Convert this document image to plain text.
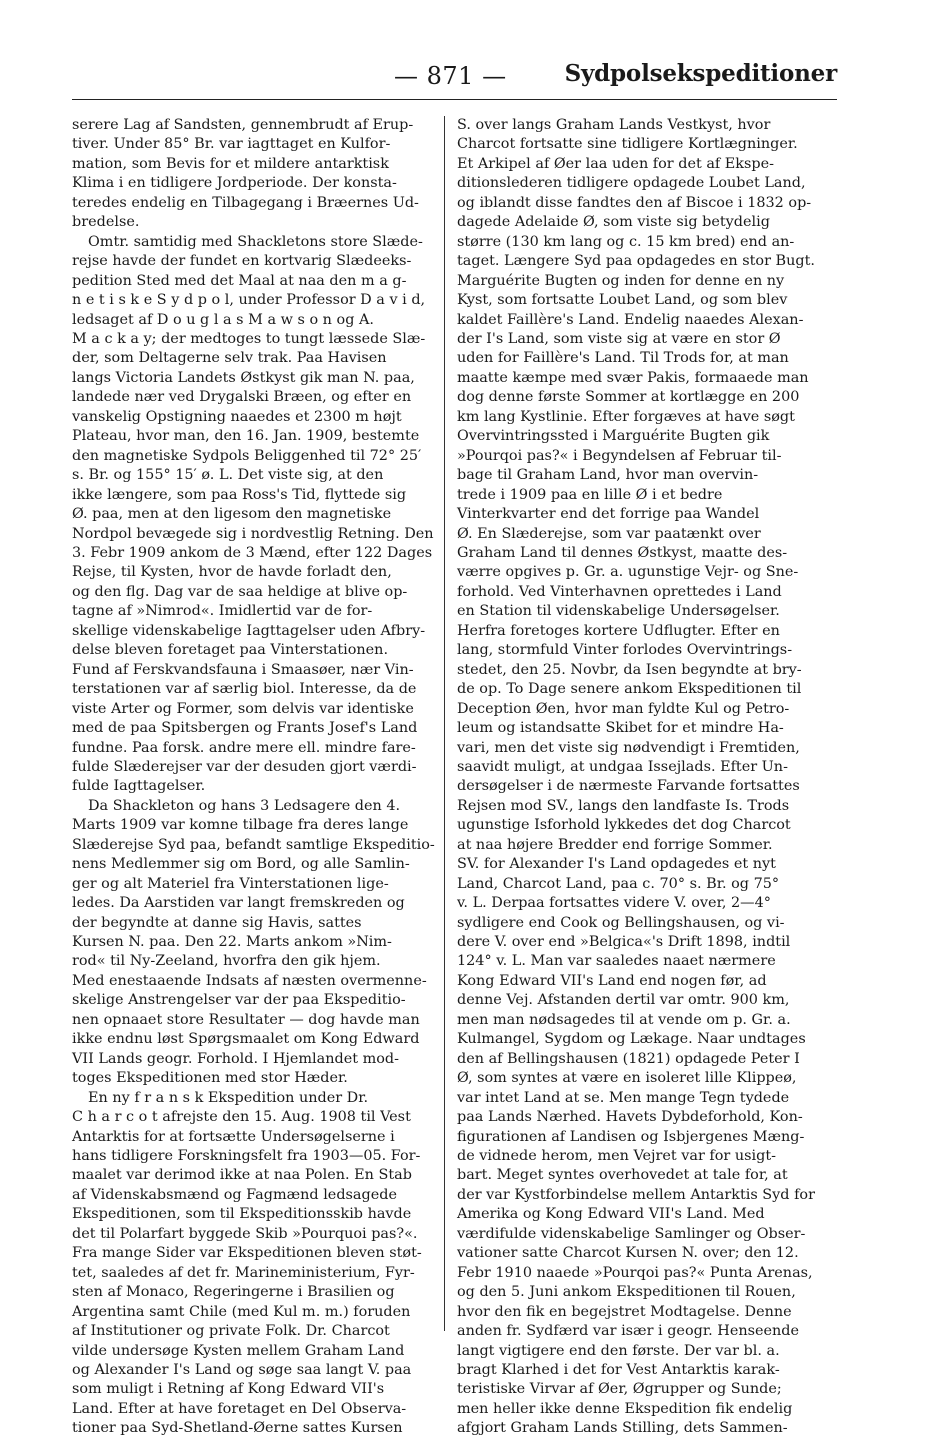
— 871 —	Sydpolsekspeditioner

serere Lag af Sandsten, gennembrudt af Erup-
tiver. Under 85° Br. var iagttaget en Kulfor-
mation, som Bevis for et mildere antarktisk
Klima i en tidligere Jordperiode. Der konsta-
teredes endelig en Tilbagegang i Bræernes Ud-
bredelse.

Omtr. samtidig med Shackletons store Slæde-
rejse havde der fundet en kortvarig Slædeeks-
pedition Sted med det Maal at naa den m a g-
n e t i s k e S y d p o l, under Professor D a v i d,
ledsaget af D o u g l a s M a w s o n og A.
M a c k a y; der medtoges to tungt læssede Slæ-
der, som Deltagerne selv trak. Paa Havisen
langs Victoria Landets Østkyst gik man N. paa,
landede nær ved Drygalski Bræen, og efter en
vanskelig Opstigning naaedes et 2300 m højt
Plateau, hvor man, den 16. Jan. 1909, bestemte
den magnetiske Sydpols Beliggenhed til 72° 25′
s. Br. og 155° 15′ ø. L. Det viste sig, at den
ikke længere, som paa Ross's Tid, flyttede sig
Ø. paa, men at den ligesom den magnetiske
Nordpol bevægede sig i nordvestlig Retning. Den
3. Febr 1909 ankom de 3 Mænd, efter 122 Dages
Rejse, til Kysten, hvor de havde forladt den,
og den flg. Dag var de saa heldige at blive op-
tagne af »Nimrod«. Imidlertid var de for-
skellige videnskabelige Iagttagelser uden Afbry-
delse bleven foretaget paa Vinterstationen.
Fund af Ferskvandsfauna i Smaasøer, nær Vin-
terstationen var af særlig biol. Interesse, da de
viste Arter og Former, som delvis var identiske
med de paa Spitsbergen og Frants Josef's Land
fundne. Paa forsk. andre mere ell. mindre fare-
fulde Slæderejser var der desuden gjort værdi-
fulde Iagttagelser.

Da Shackleton og hans 3 Ledsagere den 4.
Marts 1909 var komne tilbage fra deres lange
Slæderejse Syd paa, befandt samtlige Ekspeditio-
nens Medlemmer sig om Bord, og alle Samlin-
ger og alt Materiel fra Vinterstationen lige-
ledes. Da Aarstiden var langt fremskreden og
der begyndte at danne sig Havis, sattes
Kursen N. paa. Den 22. Marts ankom »Nim-
rod« til Ny-Zeeland, hvorfra den gik hjem.
Med enestaaende Indsats af næsten overmenne-
skelige Anstrengelser var der paa Ekspeditio-
nen opnaaet store Resultater — dog havde man
ikke endnu løst Spørgsmaalet om Kong Edward
VII Lands geogr. Forhold. I Hjemlandet mod-
toges Ekspeditionen med stor Hæder.

En ny f r a n s k Ekspedition under Dr.
C h a r c o t afrejste den 15. Aug. 1908 til Vest
Antarktis for at fortsætte Undersøgelserne i
hans tidligere Forskningsfelt fra 1903—05. For-
maalet var derimod ikke at naa Polen. En Stab
af Videnskabsmænd og Fagmænd ledsagede
Ekspeditionen, som til Ekspeditionsskib havde
det til Polarfart byggede Skib »Pourquoi pas?«.
Fra mange Sider var Ekspeditionen bleven støt-
tet, saaledes af det fr. Marineministerium, Fyr-
sten af Monaco, Regeringerne i Brasilien og
Argentina samt Chile (med Kul m. m.) foruden
af Institutioner og private Folk. Dr. Charcot
vilde undersøge Kysten mellem Graham Land
og Alexander I's Land og søge saa langt V. paa
som muligt i Retning af Kong Edward VII's
Land. Efter at have foretaget en Del Observa-
tioner paa Syd-Shetland-Øerne sattes Kursen

S. over langs Graham Lands Vestkyst, hvor
Charcot fortsatte sine tidligere Kortlægninger.
Et Arkipel af Øer laa uden for det af Ekspe-
ditionslederen tidligere opdagede Loubet Land,
og iblandt disse fandtes den af Biscoe i 1832 op-
dagede Adelaide Ø, som viste sig betydelig
større (130 km lang og c. 15 km bred) end an-
taget. Længere Syd paa opdagedes en stor Bugt.
Marguérite Bugten og inden for denne en ny
Kyst, som fortsatte Loubet Land, og som blev
kaldet Faillère's Land. Endelig naaedes Alexan-
der I's Land, som viste sig at være en stor Ø
uden for Faillère's Land. Til Trods for, at man
maatte kæmpe med svær Pakis, formaaede man
dog denne første Sommer at kortlægge en 200
km lang Kystlinie. Efter forgæves at have søgt
Overvintringssted i Marguérite Bugten gik
»Pourqoi pas?« i Begyndelsen af Februar til-
bage til Graham Land, hvor man overvin-
trede i 1909 paa en lille Ø i et bedre
Vinterkvarter end det forrige paa Wandel
Ø. En Slæderejse, som var paatænkt over
Graham Land til dennes Østkyst, maatte des-
værre opgives p. Gr. a. ugunstige Vejr- og Sne-
forhold. Ved Vinterhavnen oprettedes i Land
en Station til videnskabelige Undersøgelser.
Herfra foretoges kortere Udflugter. Efter en
lang, stormfuld Vinter forlodes Overvintrings-
stedet, den 25. Novbr, da Isen begyndte at bry-
de op. To Dage senere ankom Ekspeditionen til
Deception Øen, hvor man fyldte Kul og Petro-
leum og istandsatte Skibet for et mindre Ha-
vari, men det viste sig nødvendigt i Fremtiden,
saavidt muligt, at undgaa Issejlads. Efter Un-
dersøgelser i de nærmeste Farvande fortsattes
Rejsen mod SV., langs den landfaste Is. Trods
ugunstige Isforhold lykkedes det dog Charcot
at naa højere Bredder end forrige Sommer.
SV. for Alexander I's Land opdagedes et nyt
Land, Charcot Land, paa c. 70° s. Br. og 75°
v. L. Derpaa fortsattes videre V. over, 2—4°
sydligere end Cook og Bellingshausen, og vi-
dere V. over end »Belgica«'s Drift 1898, indtil
124° v. L. Man var saaledes naaet nærmere
Kong Edward VII's Land end nogen før, ad
denne Vej. Afstanden dertil var omtr. 900 km,
men man nødsagedes til at vende om p. Gr. a.
Kulmangel, Sygdom og Lækage. Naar undtages
den af Bellingshausen (1821) opdagede Peter I
Ø, som syntes at være en isoleret lille Klippeø,
var intet Land at se. Men mange Tegn tydede
paa Lands Nærhed. Havets Dybdeforhold, Kon-
figurationen af Landisen og Isbjergenes Mæng-
de vidnede herom, men Vejret var for usigt-
bart. Meget syntes overhovedet at tale for, at
der var Kystforbindelse mellem Antarktis Syd for
Amerika og Kong Edward VII's Land. Med
værdifulde videnskabelige Samlinger og Obser-
vationer satte Charcot Kursen N. over; den 12.
Febr 1910 naaede »Pourqoi pas?« Punta Arenas,
og den 5. Juni ankom Ekspeditionen til Rouen,
hvor den fik en begejstret Modtagelse. Denne
anden fr. Sydfærd var især i geogr. Henseende
langt vigtigere end den første. Der var bl. a.
bragt Klarhed i det for Vest Antarktis karak-
teristiske Virvar af Øer, Øgrupper og Sunde;
men heller ikke denne Ekspedition fik endelig
afgjort Graham Lands Stilling, dets Sammen-
